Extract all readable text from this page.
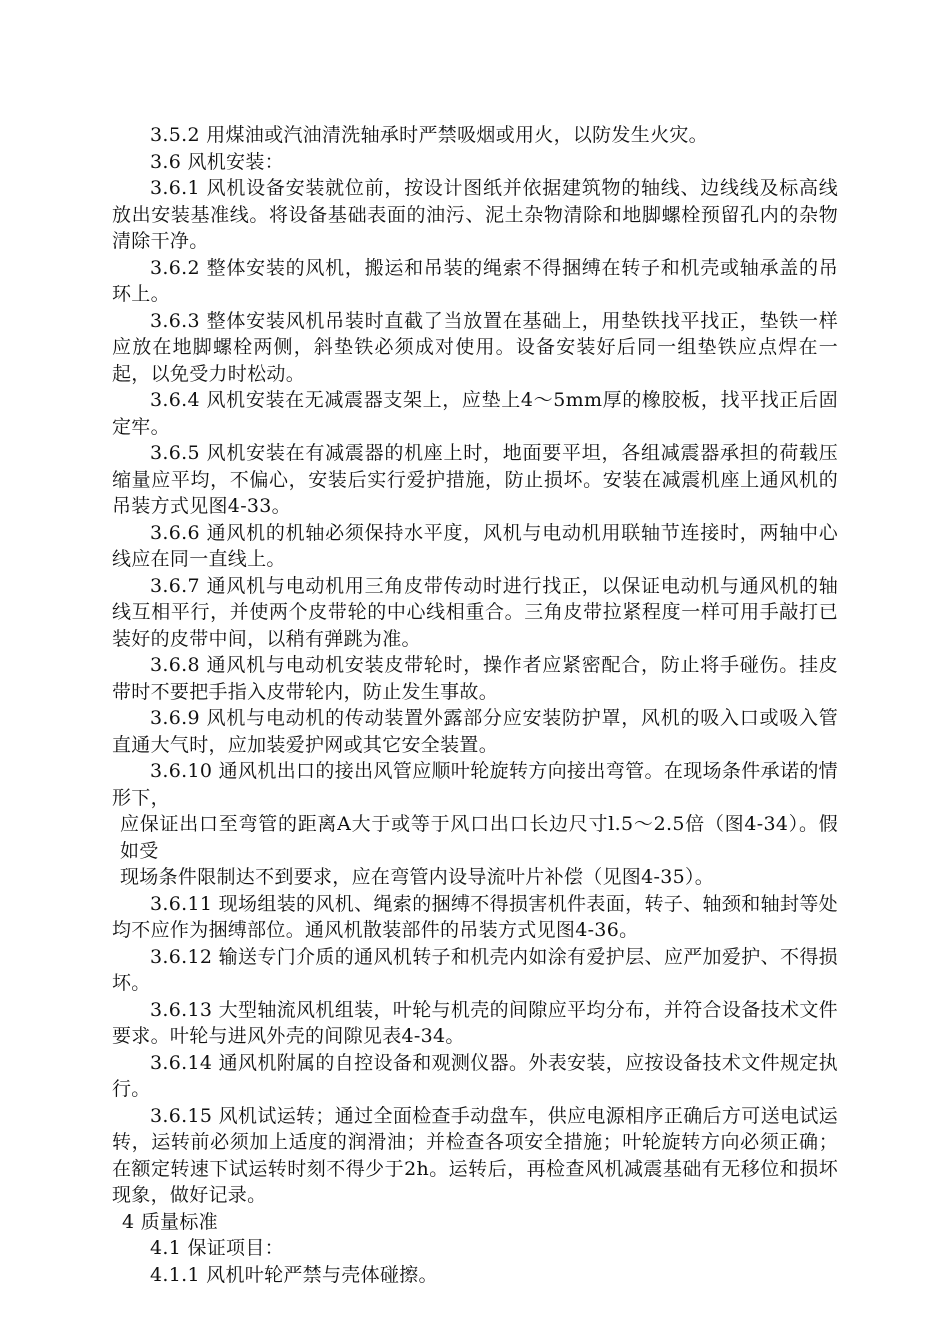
3.5.2 用煤油或汽油清洗轴承时严禁吸烟或用火，以防发生火灾。

3.6 风机安装：

3.6.1 风机设备安装就位前，按设计图纸并依据建筑物的轴线、边线线及标高线放出安装基准线。将设备基础表面的油污、泥土杂物清除和地脚螺栓预留孔内的杂物清除干净。

3.6.2 整体安装的风机，搬运和吊装的绳索不得捆缚在转子和机壳或轴承盖的吊环上。

3.6.3 整体安装风机吊装时直截了当放置在基础上，用垫铁找平找正，垫铁一样应放在地脚螺栓两侧，斜垫铁必须成对使用。设备安装好后同一组垫铁应点焊在一起，以免受力时松动。

3.6.4 风机安装在无减震器支架上，应垫上4～5mm厚的橡胶板，找平找正后固定牢。

3.6.5 风机安装在有减震器的机座上时，地面要平坦，各组减震器承担的荷载压缩量应平均，不偏心，安装后实行爱护措施，防止损坏。安装在减震机座上通风机的吊装方式见图4-33。

3.6.6 通风机的机轴必须保持水平度，风机与电动机用联轴节连接时，两轴中心线应在同一直线上。

3.6.7 通风机与电动机用三角皮带传动时进行找正，以保证电动机与通风机的轴线互相平行，并使两个皮带轮的中心线相重合。三角皮带拉紧程度一样可用手敲打已装好的皮带中间，以稍有弹跳为准。

3.6.8 通风机与电动机安装皮带轮时，操作者应紧密配合，防止将手碰伤。挂皮带时不要把手指入皮带轮内，防止发生事故。

3.6.9 风机与电动机的传动装置外露部分应安装防护罩，风机的吸入口或吸入管直通大气时，应加装爱护网或其它安全装置。

3.6.10 通风机出口的接出风管应顺叶轮旋转方向接出弯管。在现场条件承诺的情形下，

应保证出口至弯管的距离A大于或等于风口出口长边尺寸l.5～2.5倍（图4-34）。假如受

现场条件限制达不到要求，应在弯管内设导流叶片补偿（见图4-35）。

3.6.11 现场组装的风机、绳索的捆缚不得损害机件表面，转子、轴颈和轴封等处均不应作为捆缚部位。通风机散装部件的吊装方式见图4-36。

3.6.12 输送专门介质的通风机转子和机壳内如涂有爱护层、应严加爱护、不得损坏。

3.6.13 大型轴流风机组装，叶轮与机壳的间隙应平均分布，并符合设备技术文件要求。叶轮与进风外壳的间隙见表4-34。

3.6.14 通风机附属的自控设备和观测仪器。外表安装，应按设备技术文件规定执行。

3.6.15 风机试运转；通过全面检查手动盘车，供应电源相序正确后方可送电试运转，运转前必须加上适度的润滑油；并检查各项安全措施；叶轮旋转方向必须正确；在额定转速下试运转时刻不得少于2h。运转后，再检查风机减震基础有无移位和损坏现象，做好记录。

4 质量标准

4.1 保证项目：

4.1.1 风机叶轮严禁与壳体碰擦。
